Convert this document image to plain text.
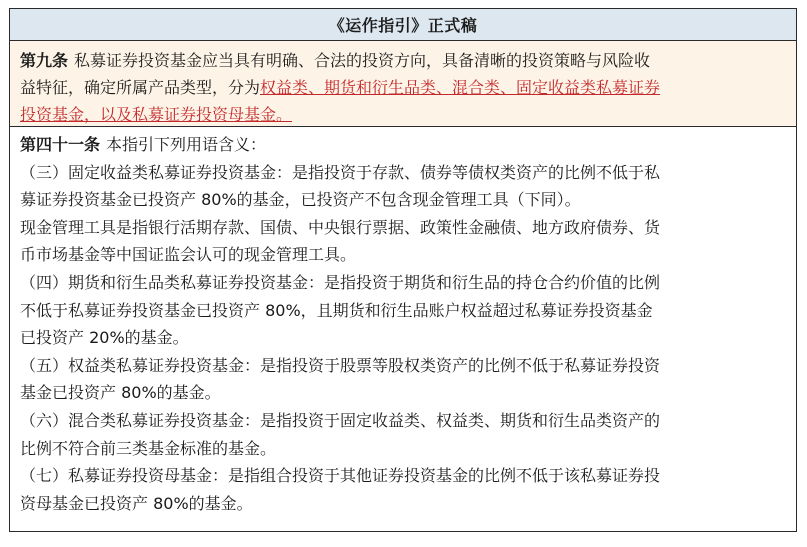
《运作指引》正式稿
第九条 私募证券投资基金应当具有明确、合法的投资方向，具备清晰的投资策略与风险收
益特征，确定所属产品类型，分为权益类、期货和衍生品类、混合类、固定收益类私募证券
投资基金，以及私募证券投资母基金。
第四十一条 本指引下列用语含义：
（三）固定收益类私募证券投资基金：是指投资于存款、债券等债权类资产的比例不低于私
募证券投资基金已投资产 80%的基金，已投资产不包含现金管理工具（下同）。
现金管理工具是指银行活期存款、国债、中央银行票据、政策性金融债、地方政府债券、货
币市场基金等中国证监会认可的现金管理工具。
（四）期货和衍生品类私募证券投资基金：是指投资于期货和衍生品的持仓合约价值的比例
不低于私募证券投资基金已投资产 80%，且期货和衍生品账户权益超过私募证券投资基金
已投资产 20%的基金。
（五）权益类私募证券投资基金：是指投资于股票等股权类资产的比例不低于私募证券投资
基金已投资产 80%的基金。
（六）混合类私募证券投资基金：是指投资于固定收益类、权益类、期货和衍生品类资产的
比例不符合前三类基金标准的基金。
（七）私募证券投资母基金：是指组合投资于其他证券投资基金的比例不低于该私募证券投
资母基金已投资产 80%的基金。
